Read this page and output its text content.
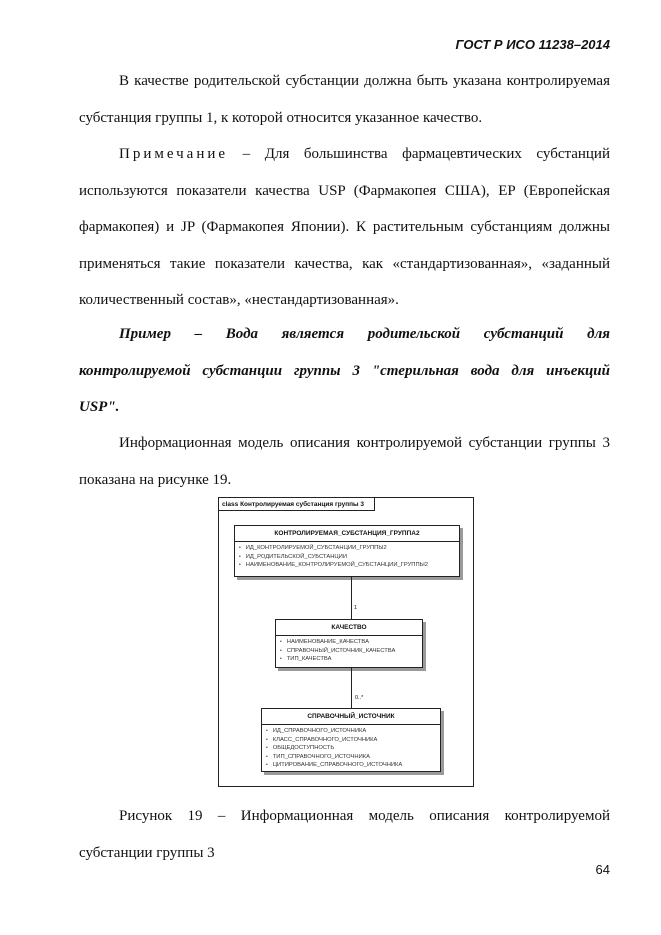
ГОСТ Р ИСО 11238–2014

В качестве родительской субстанции должна быть указана контролируемая субстанция группы 1, к которой относится указанное качество.

Примечание – Для большинства фармацевтических субстанций используются показатели качества USP (Фармакопея США), EP (Европейская фармакопея) и JP (Фармакопея Японии). К растительным субстанциям должны применяться такие показатели качества, как «стандартизованная», «заданный количественный состав», «нестандартизованная».

Пример – Вода является родительской субстанций для контролируемой субстанции группы 3 "стерильная вода для инъекций USP".

Информационная модель описания контролируемой субстанции группы 3 показана на рисунке 19.

class Контролируемая субстанция группы 3
КОНТРОЛИРУЕМАЯ_СУБСТАНЦИЯ_ГРУППА2
• ИД_КОНТРОЛИРУЕМОЙ_СУБСТАНЦИИ_ГРУППЫ2
• ИД_РОДИТЕЛЬСКОЙ_СУБСТАНЦИИ
• НАИМЕНОВАНИЕ_КОНТРОЛИРУЕМОЙ_СУБСТАНЦИИ_ГРУППЫ2
1
КАЧЕСТВО
• НАИМЕНОВАНИЕ_КАЧЕСТВА
• СПРАВОЧНЫЙ_ИСТОЧНИК_КАЧЕСТВА
• ТИП_КАЧЕСТВА
0..*
СПРАВОЧНЫЙ_ИСТОЧНИК
• ИД_СПРАВОЧНОГО_ИСТОЧНИКА
• КЛАСС_СПРАВОЧНОГО_ИСТОЧНИКА
• ОБЩЕДОСТУПНОСТЬ
• ТИП_СПРАВОЧНОГО_ИСТОЧНИКА
• ЦИТИРОВАНИЕ_СПРАВОЧНОГО_ИСТОЧНИКА

Рисунок 19 – Информационная модель описания контролируемой субстанции группы 3

64
